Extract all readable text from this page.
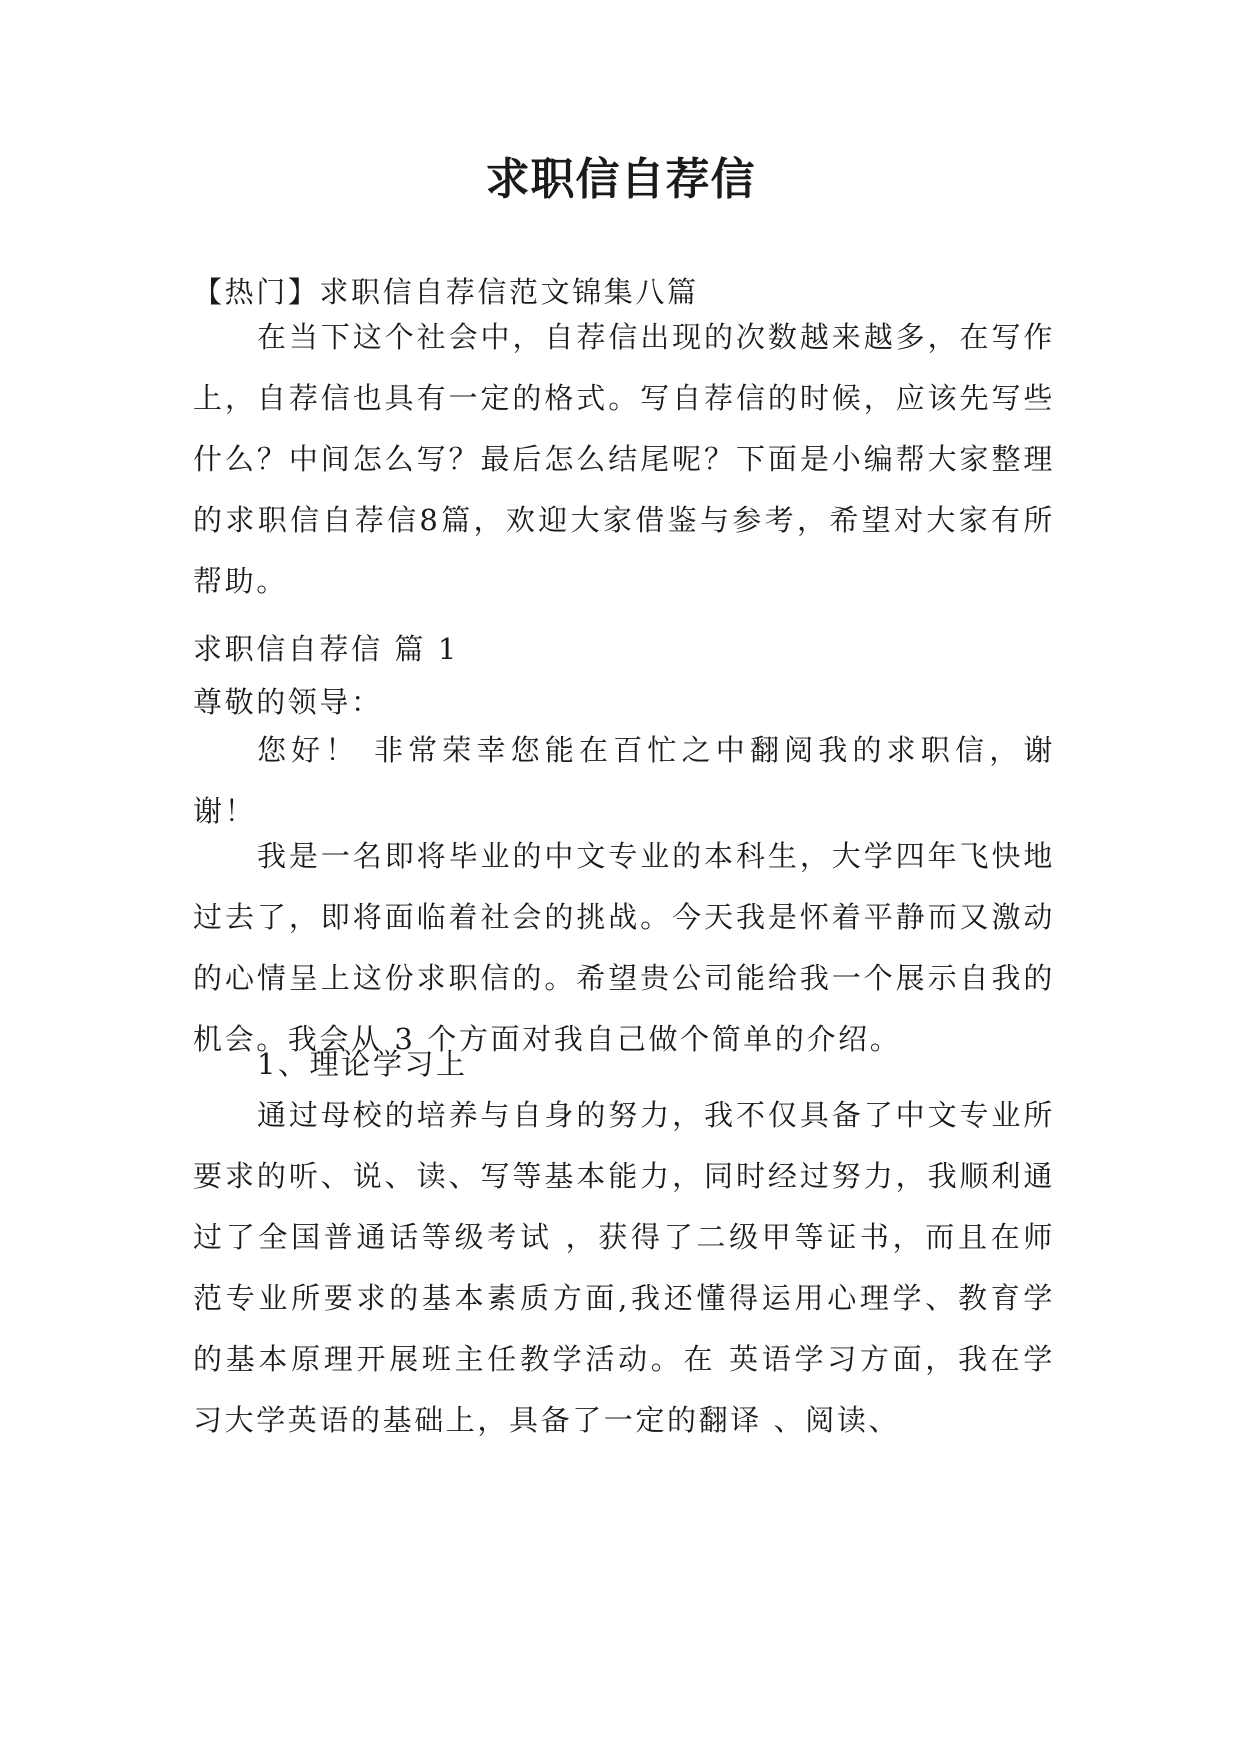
求职信自荐信

【热门】求职信自荐信范文锦集八篇

在当下这个社会中，自荐信出现的次数越来越多，在写作上，自荐信也具有一定的格式。写自荐信的时候，应该先写些什么？中间怎么写？最后怎么结尾呢？下面是小编帮大家整理的求职信自荐信8篇，欢迎大家借鉴与参考，希望对大家有所帮助。

求职信自荐信 篇 1

尊敬的领导：

您好！ 非常荣幸您能在百忙之中翻阅我的求职信，谢谢！

我是一名即将毕业的中文专业的本科生，大学四年飞快地过去了，即将面临着社会的挑战。今天我是怀着平静而又激动的心情呈上这份求职信的。希望贵公司能给我一个展示自我的机会。我会从 3 个方面对我自己做个简单的介绍。

1、理论学习上

通过母校的培养与自身的努力，我不仅具备了中文专业所要求的听、说、读、写等基本能力，同时经过努力，我顺利通过了全国普通话等级考试 ，获得了二级甲等证书，而且在师范专业所要求的基本素质方面,我还懂得运用心理学、教育学的基本原理开展班主任教学活动。在 英语学习方面，我在学习大学英语的基础上，具备了一定的翻译 、阅读、
